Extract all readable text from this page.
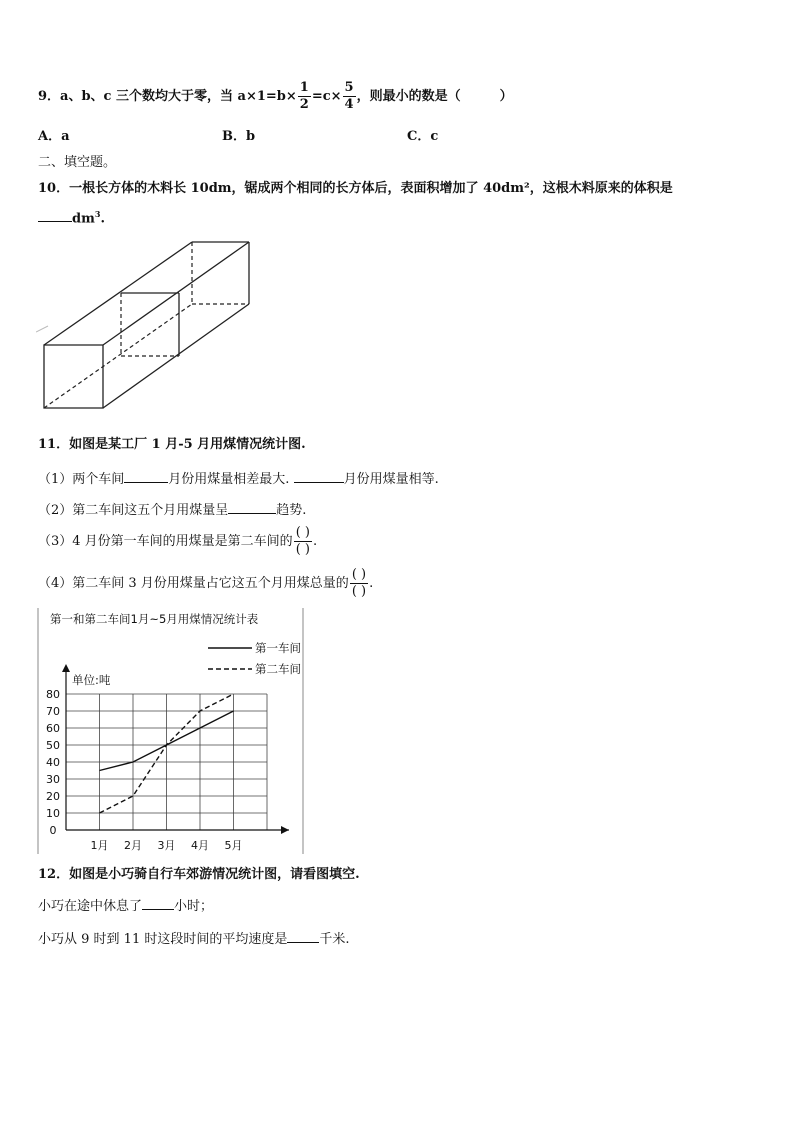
9．a、b、c 三个数均大于零，当 $a\times 1=b\times \frac{1}{2} =c\times \frac{5}{4}$ ，则最小的数是（　　　）
A．a	B．b	C．c
二、填空题。
10．一根长方体的木料长 10dm，锯成两个相同的长方体后，表面积增加了 40dm²，这根木料原来的体积是
$dm^3$.
11．如图是某工厂 1 月-5 月用煤情况统计图.
（1）两个车间	月份用煤量相差最大.	月份用煤量相等.
（2）第二车间这五个月用煤量呈	趋势.
（3）4 月份第一车间的用煤量是第二车间的 $\frac{( )}{( )}$ .
（4）第二车间 3 月份用煤量占它这五个月用煤总量的 $\frac{( )}{( )}$ .
第一和第二车间1月~5月用煤情况统计表
第一车间
第二车间
单位:吨
0
10
20
30
40
50
60
70
80
1月 2月 3月 4月 5月
12．如图是小巧骑自行车郊游情况统计图，请看图填空.
小巧在途中休息了 小时；
小巧从 9 时到 11 时这段时间的平均速度是 千米.
